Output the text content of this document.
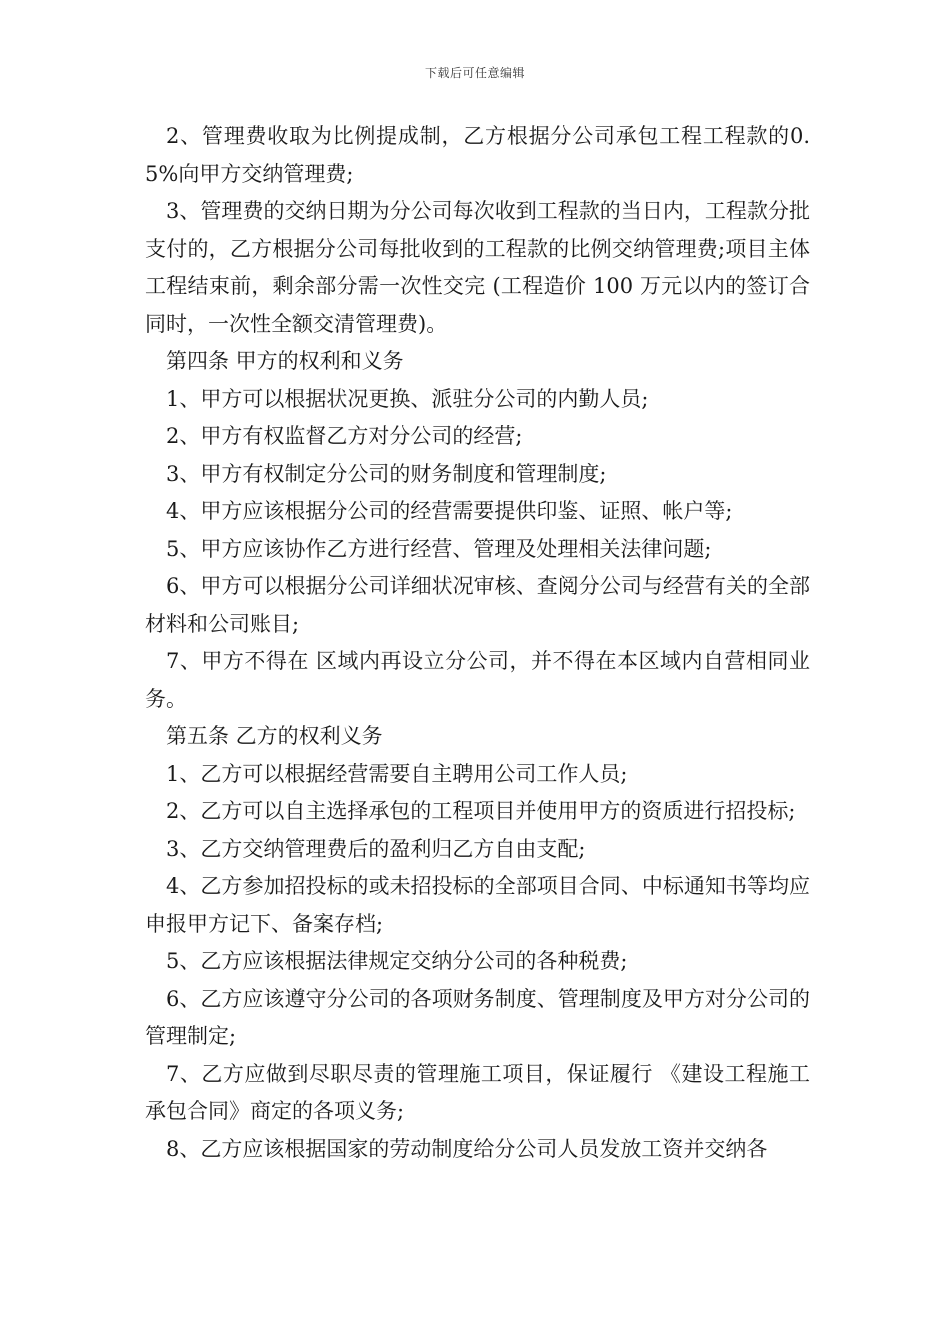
下载后可任意编辑

2、管理费收取为比例提成制，乙方根据分公司承包工程工程款的0.5%向甲方交纳管理费;

3、管理费的交纳日期为分公司每次收到工程款的当日内，工程款分批支付的，乙方根据分公司每批收到的工程款的比例交纳管理费;项目主体工程结束前，剩余部分需一次性交完 (工程造价 100 万元以内的签订合同时，一次性全额交清管理费)。

第四条 甲方的权利和义务

1、甲方可以根据状况更换、派驻分公司的内勤人员;

2、甲方有权监督乙方对分公司的经营;

3、甲方有权制定分公司的财务制度和管理制度;

4、甲方应该根据分公司的经营需要提供印鉴、证照、帐户等;

5、甲方应该协作乙方进行经营、管理及处理相关法律问题;

6、甲方可以根据分公司详细状况审核、查阅分公司与经营有关的全部材料和公司账目;

7、甲方不得在 区域内再设立分公司，并不得在本区域内自营相同业务。

第五条 乙方的权利义务

1、乙方可以根据经营需要自主聘用公司工作人员;

2、乙方可以自主选择承包的工程项目并使用甲方的资质进行招投标;

3、乙方交纳管理费后的盈利归乙方自由支配;

4、乙方参加招投标的或未招投标的全部项目合同、中标通知书等均应申报甲方记下、备案存档;

5、乙方应该根据法律规定交纳分公司的各种税费;

6、乙方应该遵守分公司的各项财务制度、管理制度及甲方对分公司的管理制定;

7、乙方应做到尽职尽责的管理施工项目，保证履行 《建设工程施工承包合同》商定的各项义务;

8、乙方应该根据国家的劳动制度给分公司人员发放工资并交纳各
